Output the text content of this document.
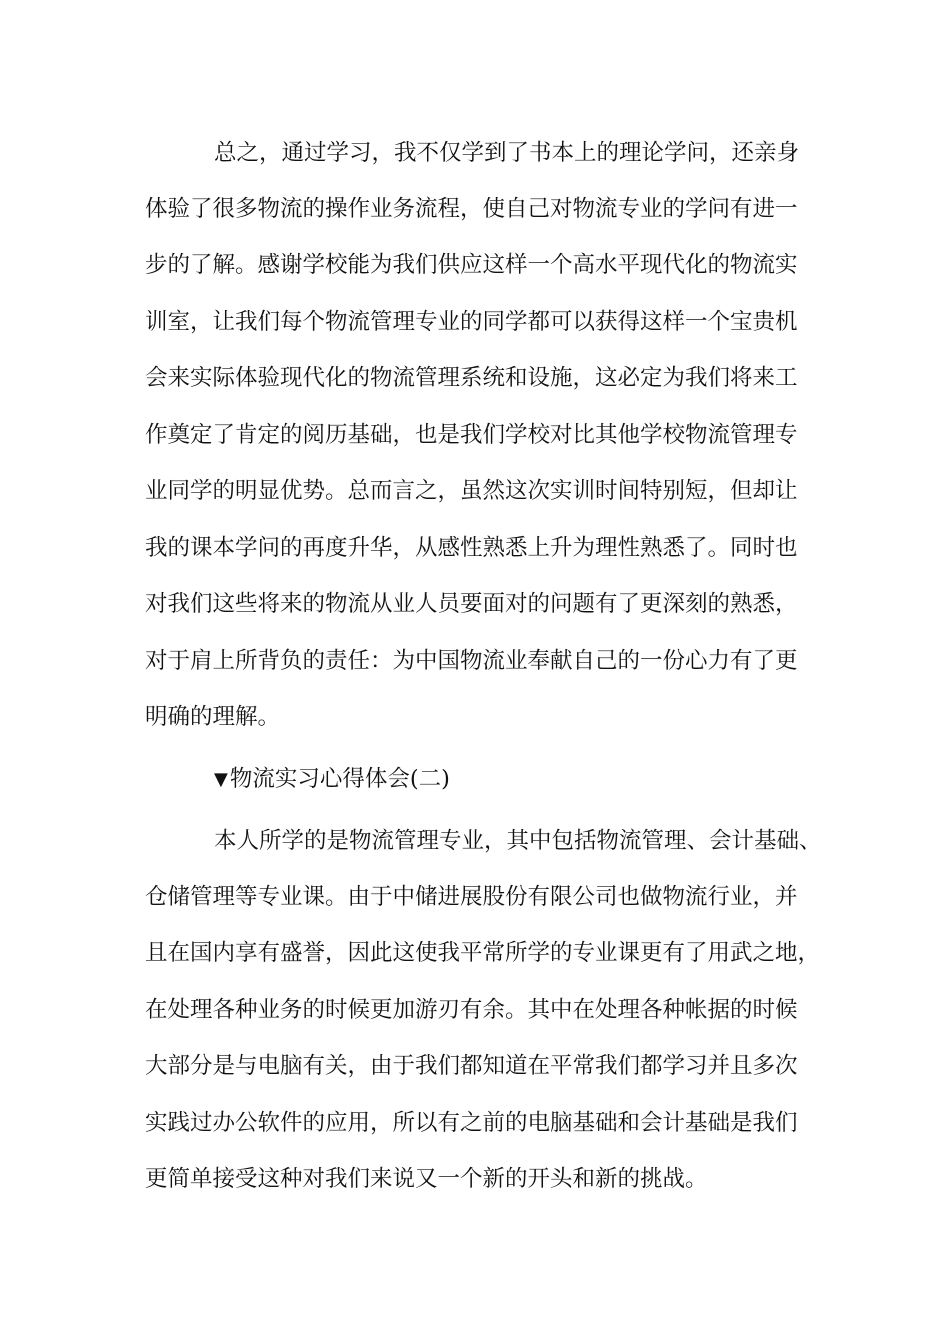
总之，通过学习，我不仅学到了书本上的理论学问，还亲身
体验了很多物流的操作业务流程，使自己对物流专业的学问有进一
步的了解。感谢学校能为我们供应这样一个高水平现代化的物流实
训室，让我们每个物流管理专业的同学都可以获得这样一个宝贵机
会来实际体验现代化的物流管理系统和设施，这必定为我们将来工
作奠定了肯定的阅历基础，也是我们学校对比其他学校物流管理专
业同学的明显优势。总而言之，虽然这次实训时间特别短，但却让
我的课本学问的再度升华，从感性熟悉上升为理性熟悉了。同时也
对我们这些将来的物流从业人员要面对的问题有了更深刻的熟悉，
对于肩上所背负的责任：为中国物流业奉献自己的一份心力有了更
明确的理解。
▼物流实习心得体会(二)
本人所学的是物流管理专业，其中包括物流管理、会计基础、
仓储管理等专业课。由于中储进展股份有限公司也做物流行业，并
且在国内享有盛誉，因此这使我平常所学的专业课更有了用武之地，
在处理各种业务的时候更加游刃有余。其中在处理各种帐据的时候
大部分是与电脑有关，由于我们都知道在平常我们都学习并且多次
实践过办公软件的应用，所以有之前的电脑基础和会计基础是我们
更简单接受这种对我们来说又一个新的开头和新的挑战。
